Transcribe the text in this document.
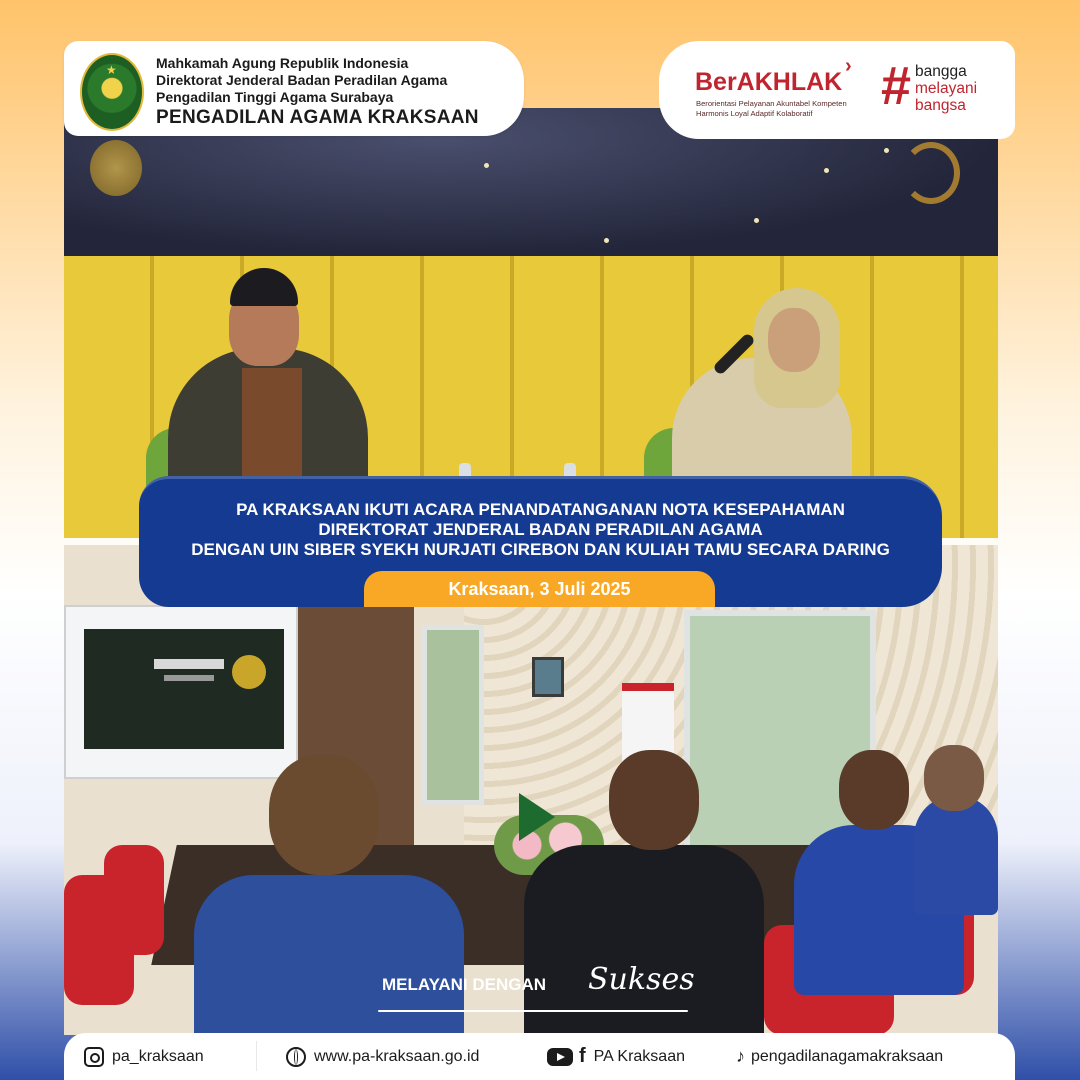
★	Mahkamah Agung Republik Indonesia
Direktorat Jenderal Badan Peradilan Agama
Pengadilan Tinggi Agama Surabaya
PENGADILAN AGAMA KRAKSAAN
BerAKHLAK
›
Berorientasi Pelayanan Akuntabel Kompeten
Harmonis Loyal Adaptif Kolaboratif	# bangga
melayani
bangsa
PA KRAKSAAN IKUTI ACARA PENANDATANGANAN NOTA KESEPAHAMAN
DIREKTORAT JENDERAL BADAN PERADILAN AGAMA
DENGAN UIN SIBER SYEKH NURJATI CIREBON DAN KULIAH TAMU SECARA DARING
Kraksaan, 3 Juli 2025
MELAYANI DENGAN Sukses
pa_kraksaan	www.pa-kraksaan.go.id	f PA Kraksaan	♪ pengadilanagamakraksaan
